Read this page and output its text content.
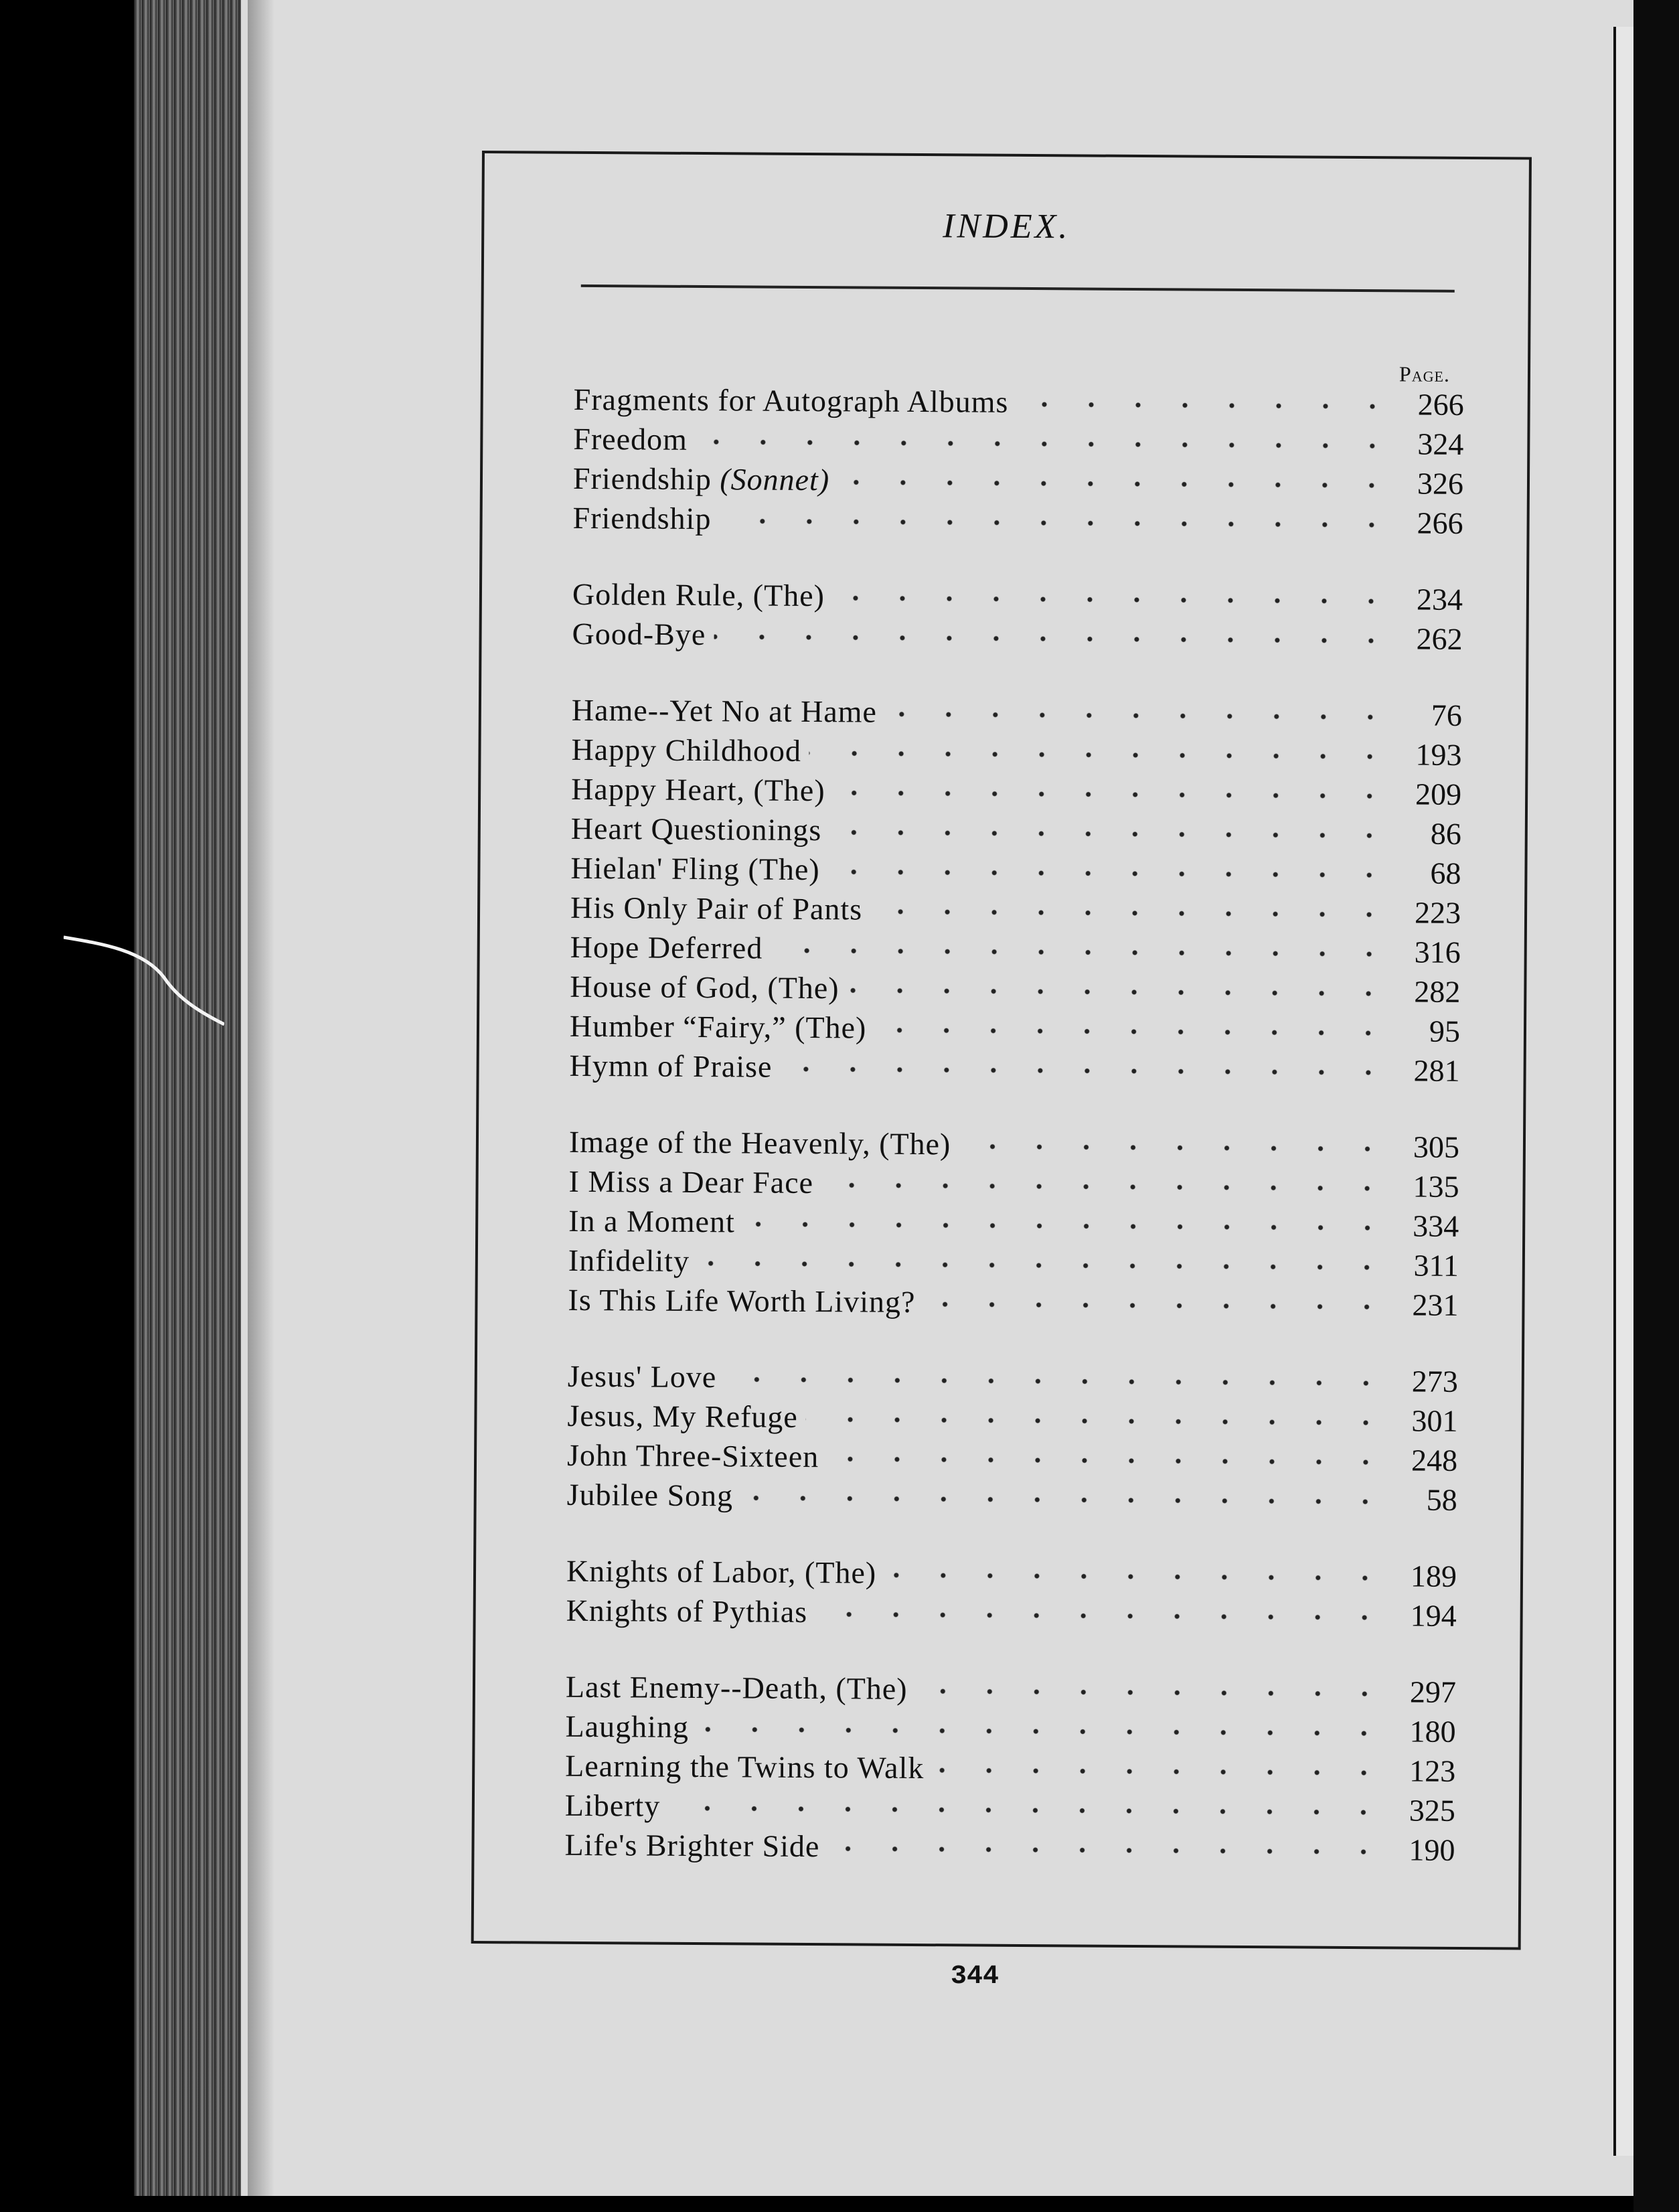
INDEX.
Page.
Fragments for Autograph Albums	266
Freedom	324
Friendship (Sonnet)	326
Friendship	266
Golden Rule, (The)	234
Good-Bye	262
Hame--Yet No at Hame	76
Happy Childhood	193
Happy Heart, (The)	209
Heart Questionings	86
Hielan' Fling (The)	68
His Only Pair of Pants	223
Hope Deferred	316
House of God, (The)	282
Humber “Fairy,” (The)	95
Hymn of Praise	281
Image of the Heavenly, (The)	305
I Miss a Dear Face	135
In a Moment	334
Infidelity	311
Is This Life Worth Living?	231
Jesus' Love	273
Jesus, My Refuge	301
John Three-Sixteen	248
Jubilee Song	58
Knights of Labor, (The)	189
Knights of Pythias	194
Last Enemy--Death, (The)	297
Laughing	180
Learning the Twins to Walk	123
Liberty	325
Life's Brighter Side	190
344
